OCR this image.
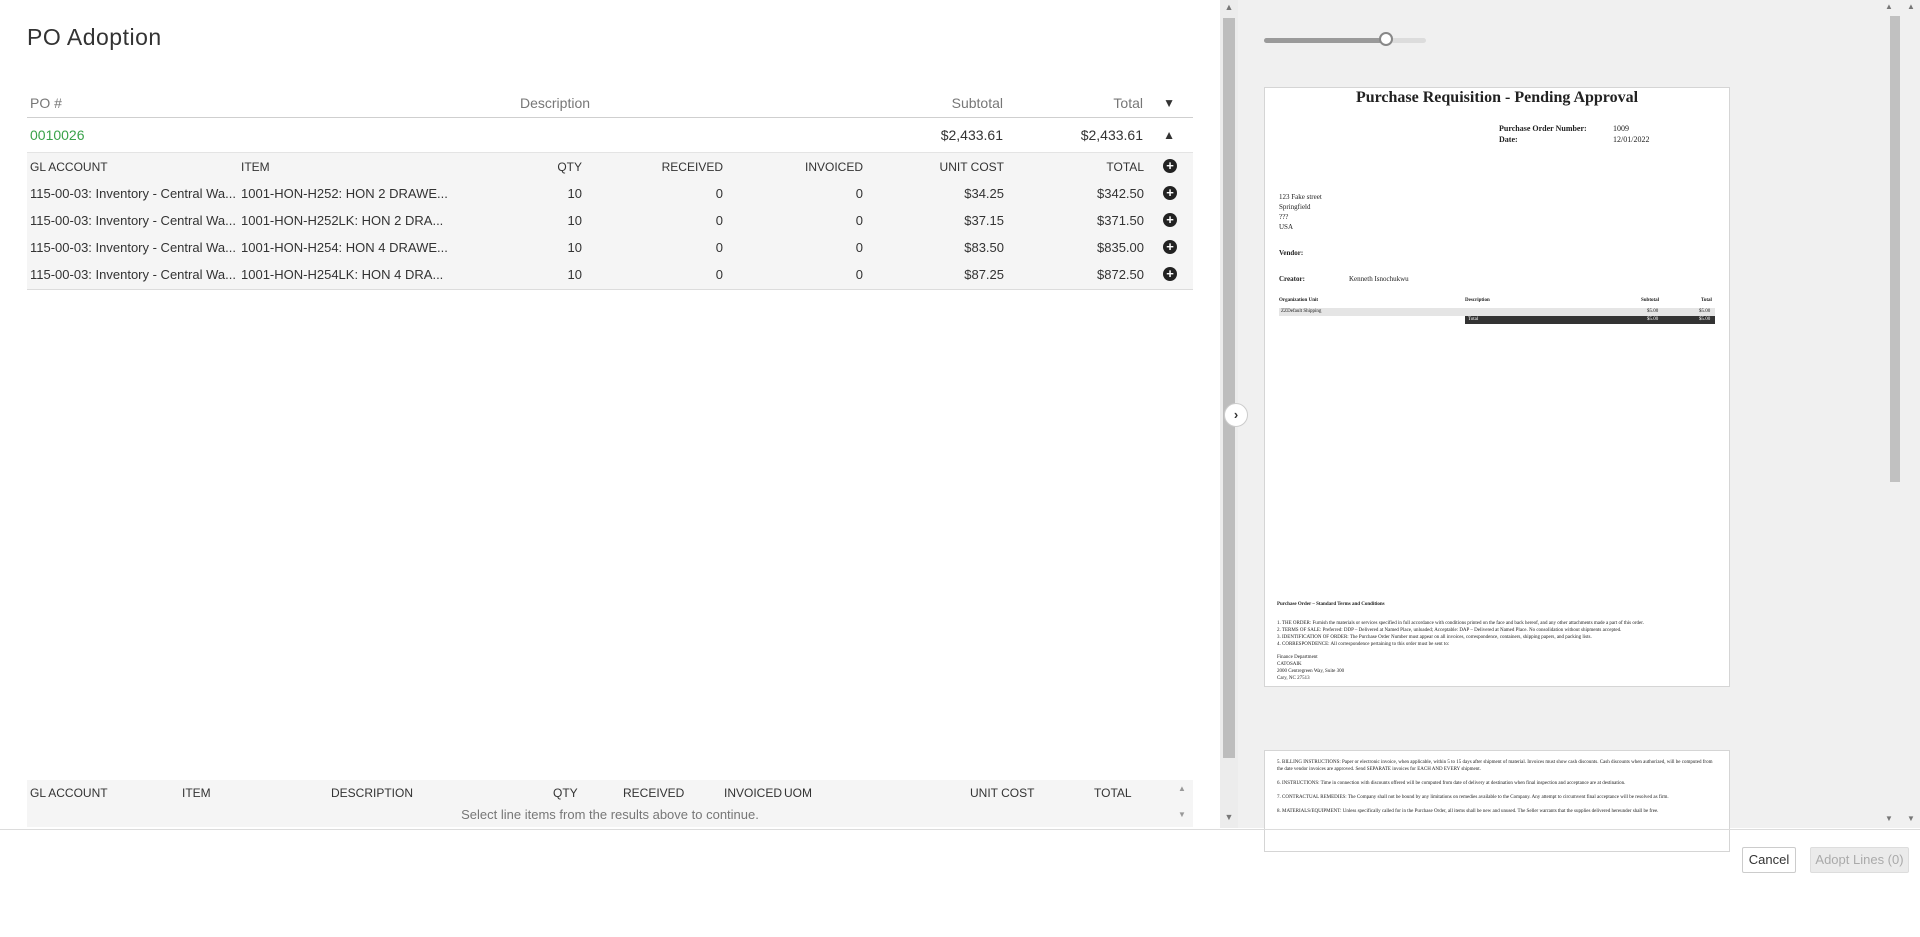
PO Adoption
PO #	Description	Subtotal	Total ▼
0010026	$2,433.61	$2,433.61 ▲
GL ACCOUNT	ITEM	QTY	RECEIVED	INVOICED	UNIT COST	TOTAL +
115-00-03: Inventory - Central Wa... 1001-HON-H252: HON 2 DRAWE...	10	0	0	$34.25	$342.50 +
115-00-03: Inventory - Central Wa... 1001-HON-H252LK: HON 2 DRA...	10	0	0	$37.15	$371.50 +
115-00-03: Inventory - Central Wa... 1001-HON-H254: HON 4 DRAWE...	10	0	0	$83.50	$835.00 +
115-00-03: Inventory - Central Wa... 1001-HON-H254LK: HON 4 DRA...	10	0	0	$87.25	$872.50 +
GL ACCOUNT	ITEM	DESCRIPTION	QTY	RECEIVED	INVOICED UOM	UNIT COST	TOTAL
Select line items from the results above to continue.
▲
▼
▲
▼
›
Purchase Requisition - Pending Approval
Purchase Order Number:	1009
Date:	12/01/2022
123 Fake street
Springfield
???
USA
Vendor:
Creator:	Kenneth Isnochukwu
Organization Unit	Description	Subtotal	Total
ZZDefault Shipping	$5.00	$5.00
Total	$5.00	$5.00
Purchase Order – Standard Terms and Conditions
1. THE ORDER: Furnish the materials or services specified in full accordance with conditions printed on the face and back hereof, and any other attachments made a part of this order.
2. TERMS OF SALE: Preferred: DDP – Delivered at Named Place, unloaded; Acceptable: DAP – Delivered at Named Place. No consolidation without shipments accepted.
3. IDENTIFICATION OF ORDER: The Purchase Order Number must appear on all invoices, correspondence, containers, shipping papers, and packing lists.
4. CORRESPONDENCE: All correspondence pertaining to this order must be sent to:
Finance Department
CATOSAIK
2000 Centregreen Way, Suite 300
Cary, NC 27513
5. BILLING INSTRUCTIONS: Paper or electronic invoice, when applicable, within 5 to 15 days after shipment of material. Invoices must show cash discounts. Cash discounts when authorized, will be computed from the date vendor invoices are approved. Send SEPARATE invoices for EACH AND EVERY shipment.
6. INSTRUCTIONS: Time in connection with discounts offered will be computed from date of delivery at destination when final inspection and acceptance are at destination.
7. CONTRACTUAL REMEDIES: The Company shall not be bound by any limitations on remedies available to the Company. Any attempt to circumvent final acceptance will be resolved as firm.
8. MATERIALS/EQUIPMENT: Unless specifically called for in the Purchase Order, all items shall be new and unused. The Seller warrants that the supplies delivered hereunder shall be free.
▲
▼
▲
▼
Cancel	Adopt Lines (0)
